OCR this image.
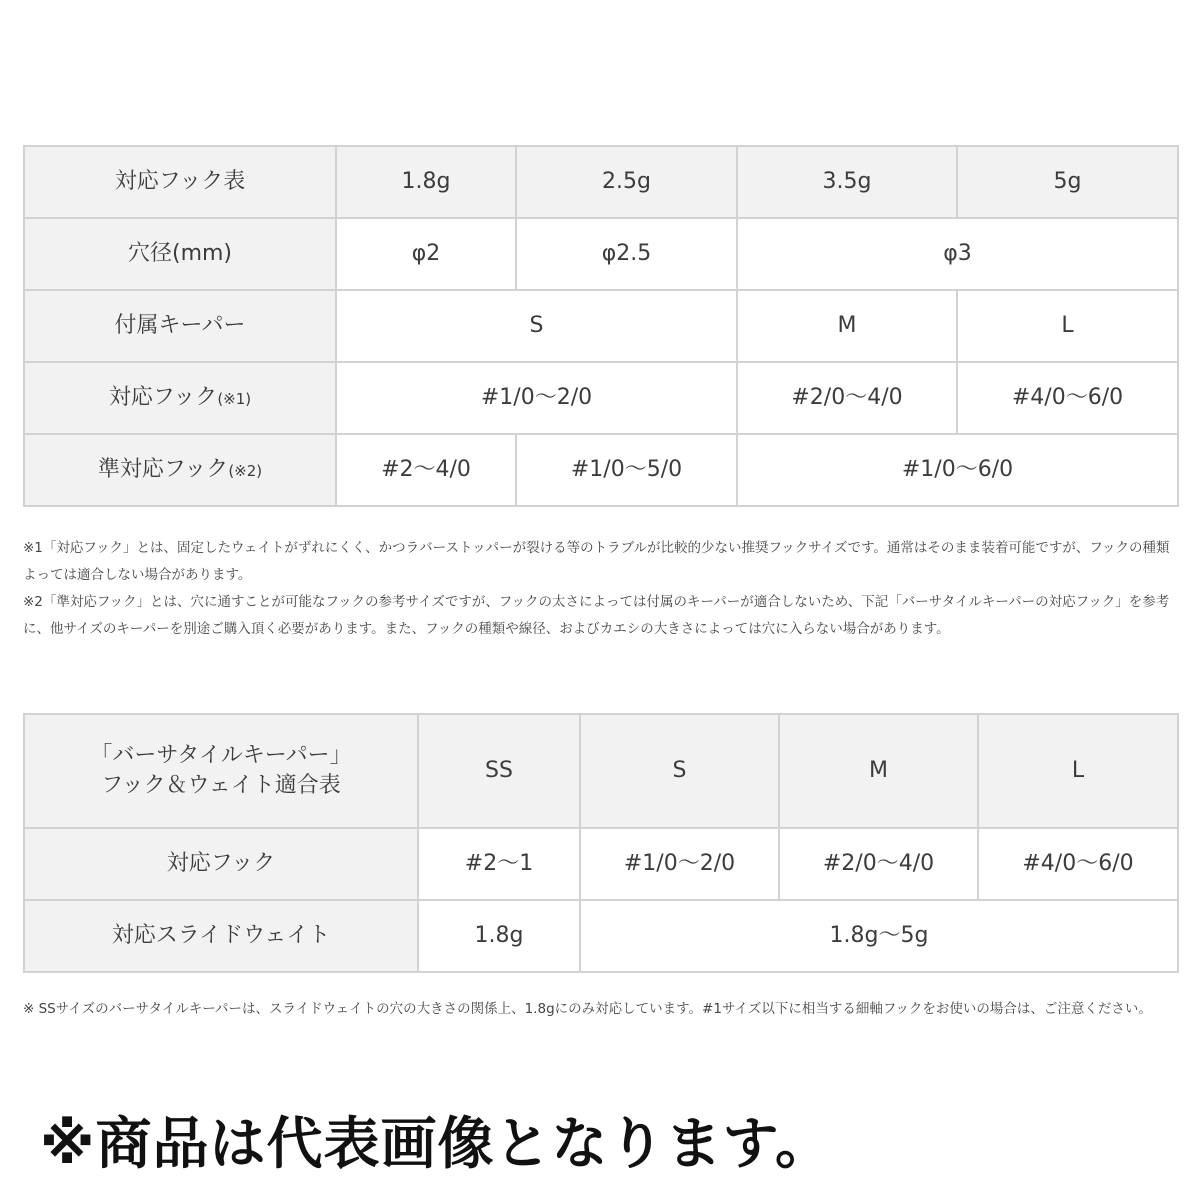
対応フック表	1.8g	2.5g	3.5g	5g
穴径(mm)	φ2	φ2.5	φ3	
付属キーパー	S		M	L
対応フック(※1)	#1/0〜2/0		#2/0〜4/0	#4/0〜6/0
準対応フック(※2)	#2〜4/0	#1/0〜5/0	#1/0〜6/0	

※1「対応フック」とは、固定したウェイトがずれにくく、かつラバーストッパーが裂ける等のトラブルが比較的少ない推奨フックサイズです。通常はそのまま装着可能ですが、フックの種類よっては適合しない場合があります。

※2「準対応フック」とは、穴に通すことが可能なフックの参考サイズですが、フックの太さによっては付属のキーパーが適合しないため、下記「バーサタイルキーパーの対応フック」を参考に、他サイズのキーパーを別途ご購入頂く必要があります。また、フックの種類や線径、およびカエシの大きさによっては穴に入らない場合があります。

「バーサタイルキーパー」
フック＆ウェイト適合表	SS	S	M	L
対応フック	#2〜1	#1/0〜2/0	#2/0〜4/0	#4/0〜6/0
対応スライドウェイト	1.8g	1.8g〜5g		

※ SSサイズのバーサタイルキーパーは、スライドウェイトの穴の大きさの関係上、1.8gにのみ対応しています。#1サイズ以下に相当する細軸フックをお使いの場合は、ご注意ください。

※商品は代表画像となります。
